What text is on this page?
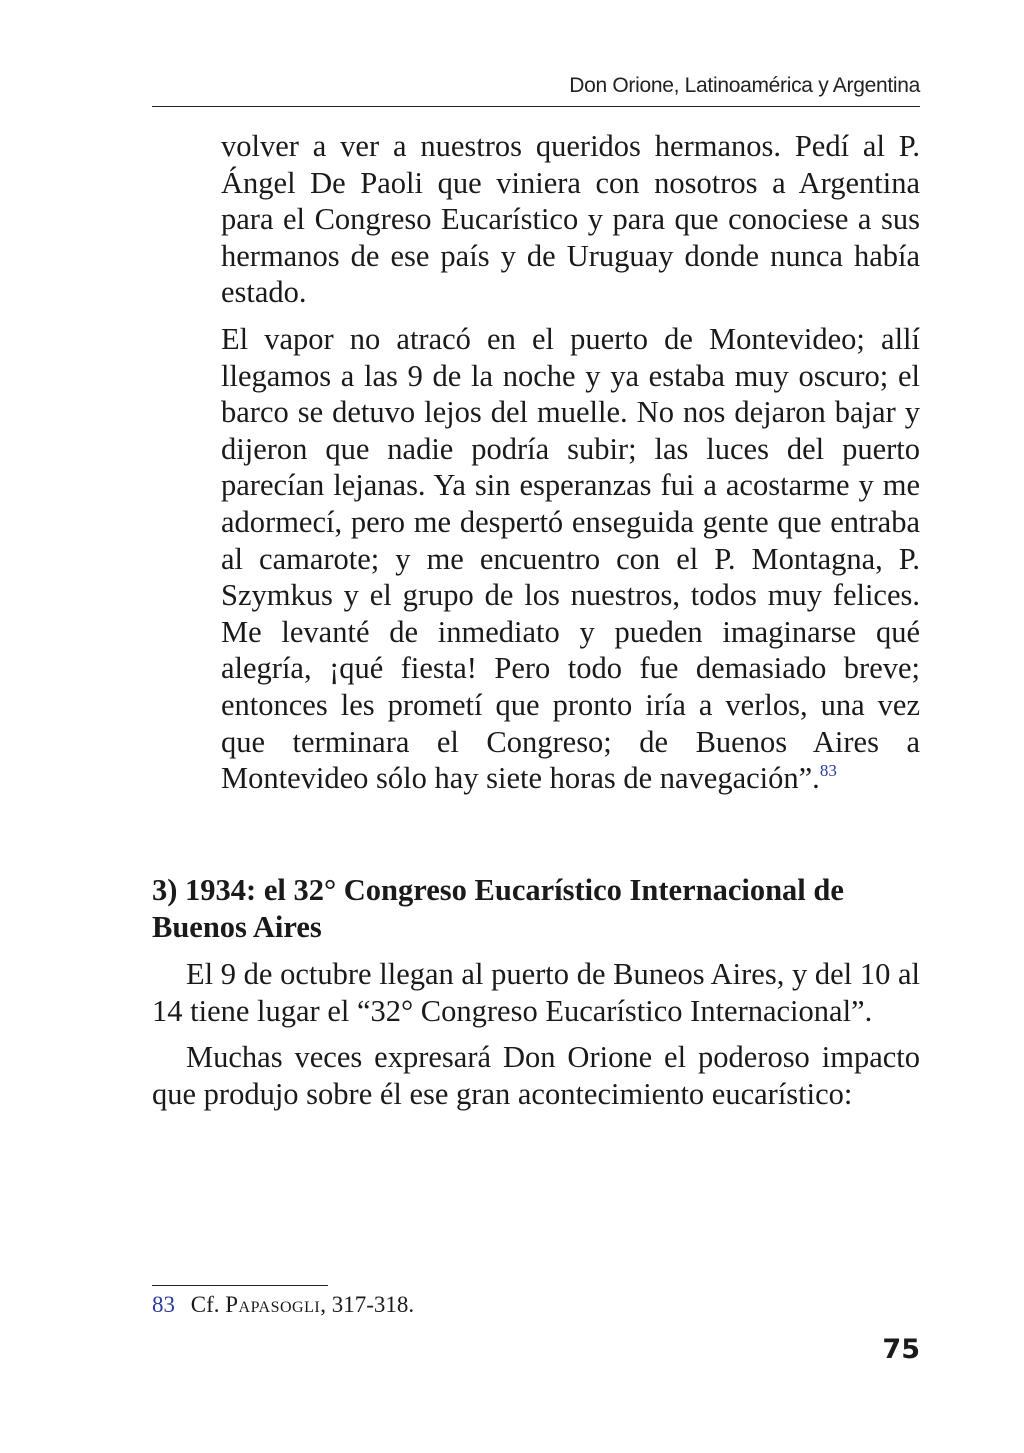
Don Orione, Latinoamérica y Argentina

volver a ver a nuestros queridos hermanos. Pedí al P. Ángel De Paoli que viniera con nosotros a Argentina para el Congreso Eucarístico y para que conociese a sus hermanos de ese país y de Uruguay donde nunca había estado.

El vapor no atracó en el puerto de Montevideo; allí llegamos a las 9 de la noche y ya estaba muy oscuro; el barco se detuvo lejos del muelle. No nos dejaron bajar y dijeron que nadie podría subir; las luces del puerto parecían lejanas. Ya sin esperanzas fui a acostarme y me adormecí, pero me despertó enseguida gente que entraba al camarote; y me encuentro con el P. Montagna, P. Szymkus y el grupo de los nuestros, todos muy felices. Me levanté de inmediato y pueden imaginarse qué alegría, ¡qué fiesta! Pero todo fue demasiado breve; entonces les prometí que pronto iría a verlos, una vez que terminara el Congreso; de Buenos Aires a Montevideo sólo hay siete horas de navegación”.$^{83}$

3) 1934: el 32° Congreso Eucarístico Internacional de Buenos Aires

El 9 de octubre llegan al puerto de Buneos Aires, y del 10 al 14 tiene lugar el “32° Congreso Eucarístico Internacional”.

Muchas veces expresará Don Orione el poderoso impacto que produjo sobre él ese gran acontecimiento eucarístico:

83 Cf. Papasogli, 317-318.
75
